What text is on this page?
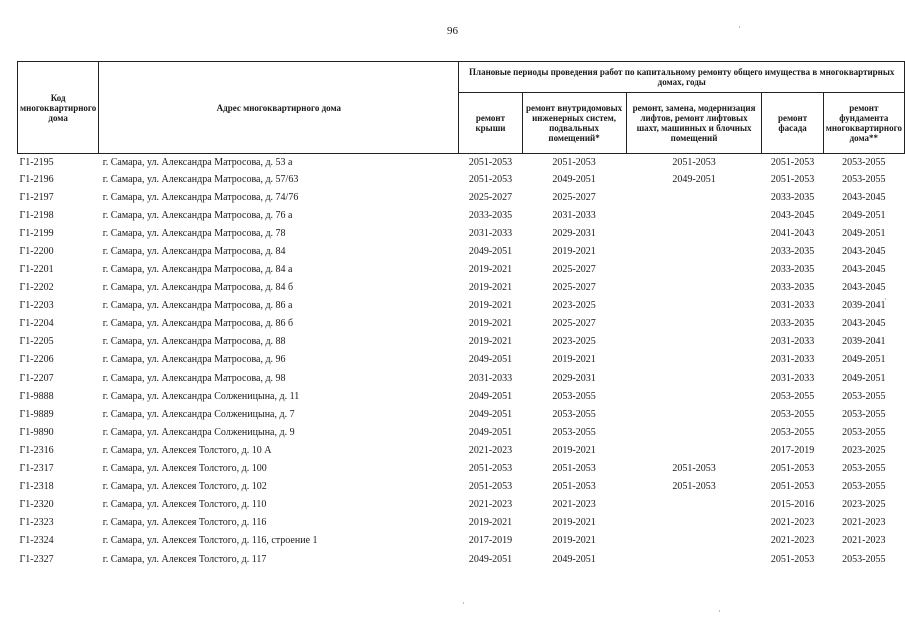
96
Код многоквартирного дома	Адрес многоквартирного дома	Плановые периоды проведения работ по капитальному ремонту общего имущества в многоквартирных домах, годы				
		ремонт крыши	ремонт внутридомовых инженерных систем, подвальных помещений*	ремонт, замена, модернизация лифтов, ремонт лифтовых шахт, машинных и блочных помещений	ремонт фасада	ремонт фундамента многоквартирного дома**
Г1-2195	г. Самара, ул. Александра Матросова, д. 53 а	2051-2053	2051-2053	2051-2053	2051-2053	2053-2055
Г1-2196	г. Самара, ул. Александра Матросова, д. 57/63	2051-2053	2049-2051	2049-2051	2051-2053	2053-2055
Г1-2197	г. Самара, ул. Александра Матросова, д. 74/76	2025-2027	2025-2027		2033-2035	2043-2045
Г1-2198	г. Самара, ул. Александра Матросова, д. 76 а	2033-2035	2031-2033		2043-2045	2049-2051
Г1-2199	г. Самара, ул. Александра Матросова, д. 78	2031-2033	2029-2031		2041-2043	2049-2051
Г1-2200	г. Самара, ул. Александра Матросова, д. 84	2049-2051	2019-2021		2033-2035	2043-2045
Г1-2201	г. Самара, ул. Александра Матросова, д. 84 а	2019-2021	2025-2027		2033-2035	2043-2045
Г1-2202	г. Самара, ул. Александра Матросова, д. 84 б	2019-2021	2025-2027		2033-2035	2043-2045
Г1-2203	г. Самара, ул. Александра Матросова, д. 86 а	2019-2021	2023-2025		2031-2033	2039-2041
Г1-2204	г. Самара, ул. Александра Матросова, д. 86 б	2019-2021	2025-2027		2033-2035	2043-2045
Г1-2205	г. Самара, ул. Александра Матросова, д. 88	2019-2021	2023-2025		2031-2033	2039-2041
Г1-2206	г. Самара, ул. Александра Матросова, д. 96	2049-2051	2019-2021		2031-2033	2049-2051
Г1-2207	г. Самара, ул. Александра Матросова, д. 98	2031-2033	2029-2031		2031-2033	2049-2051
Г1-9888	г. Самара, ул. Александра Солженицына, д. 11	2049-2051	2053-2055		2053-2055	2053-2055
Г1-9889	г. Самара, ул. Александра Солженицына, д. 7	2049-2051	2053-2055		2053-2055	2053-2055
Г1-9890	г. Самара, ул. Александра Солженицына, д. 9	2049-2051	2053-2055		2053-2055	2053-2055
Г1-2316	г. Самара, ул. Алексея Толстого, д. 10 А	2021-2023	2019-2021		2017-2019	2023-2025
Г1-2317	г. Самара, ул. Алексея Толстого, д. 100	2051-2053	2051-2053	2051-2053	2051-2053	2053-2055
Г1-2318	г. Самара, ул. Алексея Толстого, д. 102	2051-2053	2051-2053	2051-2053	2051-2053	2053-2055
Г1-2320	г. Самара, ул. Алексея Толстого, д. 110	2021-2023	2021-2023		2015-2016	2023-2025
Г1-2323	г. Самара, ул. Алексея Толстого, д. 116	2019-2021	2019-2021		2021-2023	2021-2023
Г1-2324	г. Самара, ул. Алексея Толстого, д. 116, строение 1	2017-2019	2019-2021		2021-2023	2021-2023
Г1-2327	г. Самара, ул. Алексея Толстого, д. 117	2049-2051	2049-2051		2051-2053	2053-2055
·
·
·
·
